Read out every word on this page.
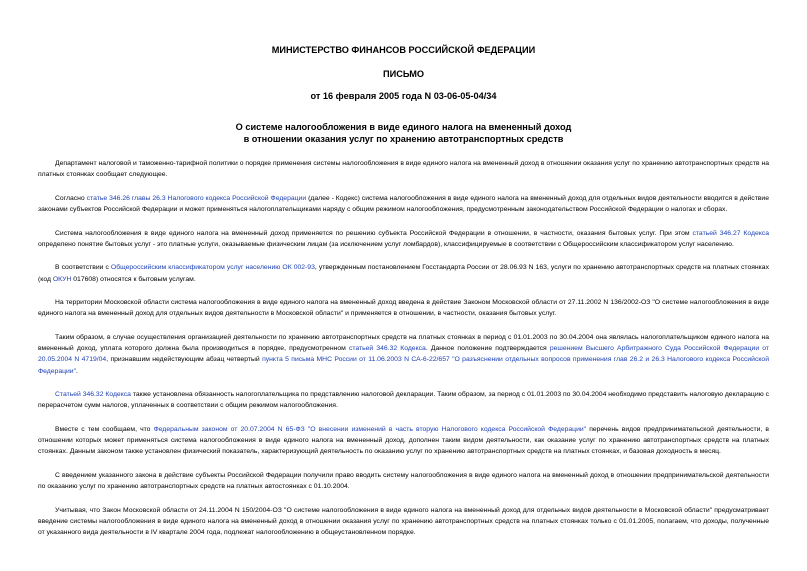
МИНИСТЕРСТВО ФИНАНСОВ РОССИЙСКОЙ ФЕДЕРАЦИИ
ПИСЬМО
от 16 февраля 2005 года N 03-06-05-04/34
О системе налогообложения в виде единого налога на вмененный доход
в отношении оказания услуг по хранению автотранспортных средств

Департамент налоговой и таможенно-тарифной политики о порядке применения системы налогообложения в виде единого налога на вмененный доход в отношении оказания услуг по хранению автотранспортных средств на платных стоянках сообщает следующее.

Согласно статье 346.26 главы 26.3 Налогового кодекса Российской Федерации (далее - Кодекс) система налогообложения в виде единого налога на вмененный доход для отдельных видов деятельности вводится в действие законами субъектов Российской Федерации и может применяться налогоплательщиками наряду с общим режимом налогообложения, предусмотренным законодательством Российской Федерации о налогах и сборах.

Система налогообложения в виде единого налога на вмененный доход применяется по решению субъекта Российской Федерации в отношении, в частности, оказания бытовых услуг. При этом статьей 346.27 Кодекса определено понятие бытовых услуг - это платные услуги, оказываемые физическим лицам (за исключением услуг ломбардов), классифицируемые в соответствии с Общероссийским классификатором услуг населению.

В соответствии с Общероссийским классификатором услуг населению ОК 002-93, утвержденным постановлением Госстандарта России от 28.06.93 N 163, услуги по хранению автотранспортных средств на платных стоянках (код ОКУН 017608) относятся к бытовым услугам.

На территории Московской области система налогообложения в виде единого налога на вмененный доход введена в действие Законом Московской области от 27.11.2002 N 136/2002-ОЗ "О системе налогообложения в виде единого налога на вмененный доход для отдельных видов деятельности в Московской области" и применяется в отношении, в частности, оказания бытовых услуг.

Таким образом, в случае осуществления организацией деятельности по хранению автотранспортных средств на платных стоянках в период с 01.01.2003 по 30.04.2004 она являлась налогоплательщиком единого налога на вмененный доход, уплата которого должна была производиться в порядке, предусмотренном статьей 346.32 Кодекса. Данное положение подтверждается решением Высшего Арбитражного Суда Российской Федерации от 20.05.2004 N 4719/04, признавшим недействующим абзац четвертый пункта 5 письма МНС России от 11.06.2003 N СА-6-22/657 "О разъяснении отдельных вопросов применения глав 26.2 и 26.3 Налогового кодекса Российской Федерации".

Статьей 346.32 Кодекса также установлена обязанность налогоплательщика по представлению налоговой декларации. Таким образом, за период с 01.01.2003 по 30.04.2004 необходимо представить налоговую декларацию с перерасчетом сумм налогов, уплаченных в соответствии с общим режимом налогообложения.

Вместе с тем сообщаем, что Федеральным законом от 20.07.2004 N 65-ФЗ "О внесении изменений в часть вторую Налогового кодекса Российской Федерации" перечень видов предпринимательской деятельности, в отношении которых может применяться система налогообложения в виде единого налога на вмененный доход, дополнен таким видом деятельности, как оказание услуг по хранению автотранспортных средств на платных стоянках. Данным законом также установлен физический показатель, характеризующий деятельность по оказанию услуг по хранению автотранспортных средств на платных стоянках, и базовая доходность в месяц.

С введением указанного закона в действие субъекты Российской Федерации получили право вводить систему налогообложения в виде единого налога на вмененный доход в отношении предпринимательской деятельности по оказанию услуг по хранению автотранспортных средств на платных автостоянках с 01.10.2004.

Учитывая, что Закон Московской области от 24.11.2004 N 150/2004-ОЗ "О системе налогообложения в виде единого налога на вмененный доход для отдельных видов деятельности в Московской области" предусматривает введение системы налогообложения в виде единого налога на вмененный доход в отношении оказания услуг по хранению автотранспортных средств на платных стоянках только с 01.01.2005, полагаем, что доходы, полученные от указанного вида деятельности в IV квартале 2004 года, подлежат налогообложению в общеустановленном порядке.
